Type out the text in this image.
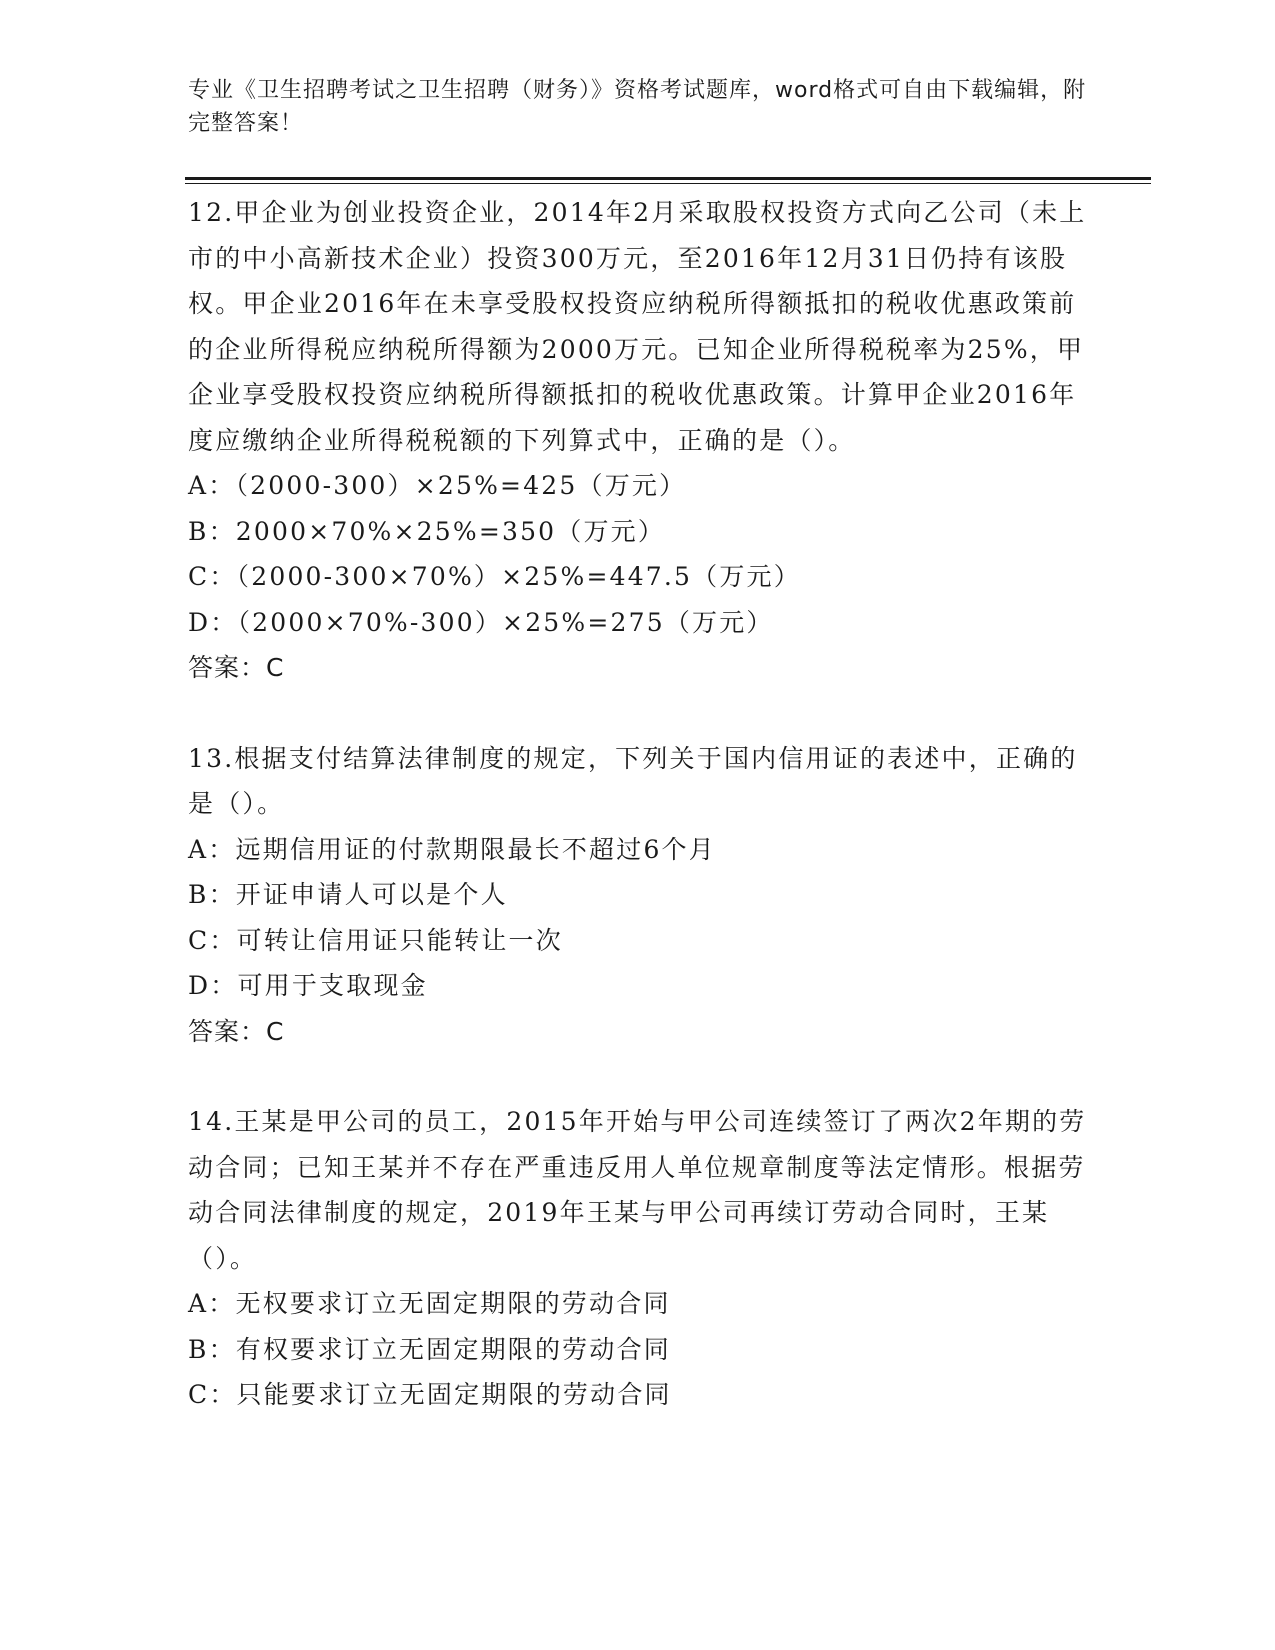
专业《卫生招聘考试之卫生招聘（财务）》资格考试题库，word格式可自由下载编辑，附完整答案！

12.甲企业为创业投资企业，2014年2月采取股权投资方式向乙公司（未上市的中小高新技术企业）投资300万元，至2016年12月31日仍持有该股权。甲企业2016年在未享受股权投资应纳税所得额抵扣的税收优惠政策前的企业所得税应纳税所得额为2000万元。已知企业所得税税率为25%，甲企业享受股权投资应纳税所得额抵扣的税收优惠政策。计算甲企业2016年度应缴纳企业所得税税额的下列算式中，正确的是（）。

A：（2000-300）×25%=425（万元）

B：2000×70%×25%=350（万元）

C：（2000-300×70%）×25%=447.5（万元）

D：（2000×70%-300）×25%=275（万元）

答案：C

13.根据支付结算法律制度的规定，下列关于国内信用证的表述中，正确的是（）。

A：远期信用证的付款期限最长不超过6个月

B：开证申请人可以是个人

C：可转让信用证只能转让一次

D：可用于支取现金

答案：C

14.王某是甲公司的员工，2015年开始与甲公司连续签订了两次2年期的劳动合同；已知王某并不存在严重违反用人单位规章制度等法定情形。根据劳动合同法律制度的规定，2019年王某与甲公司再续订劳动合同时，王某（）。

A：无权要求订立无固定期限的劳动合同

B：有权要求订立无固定期限的劳动合同

C：只能要求订立无固定期限的劳动合同
